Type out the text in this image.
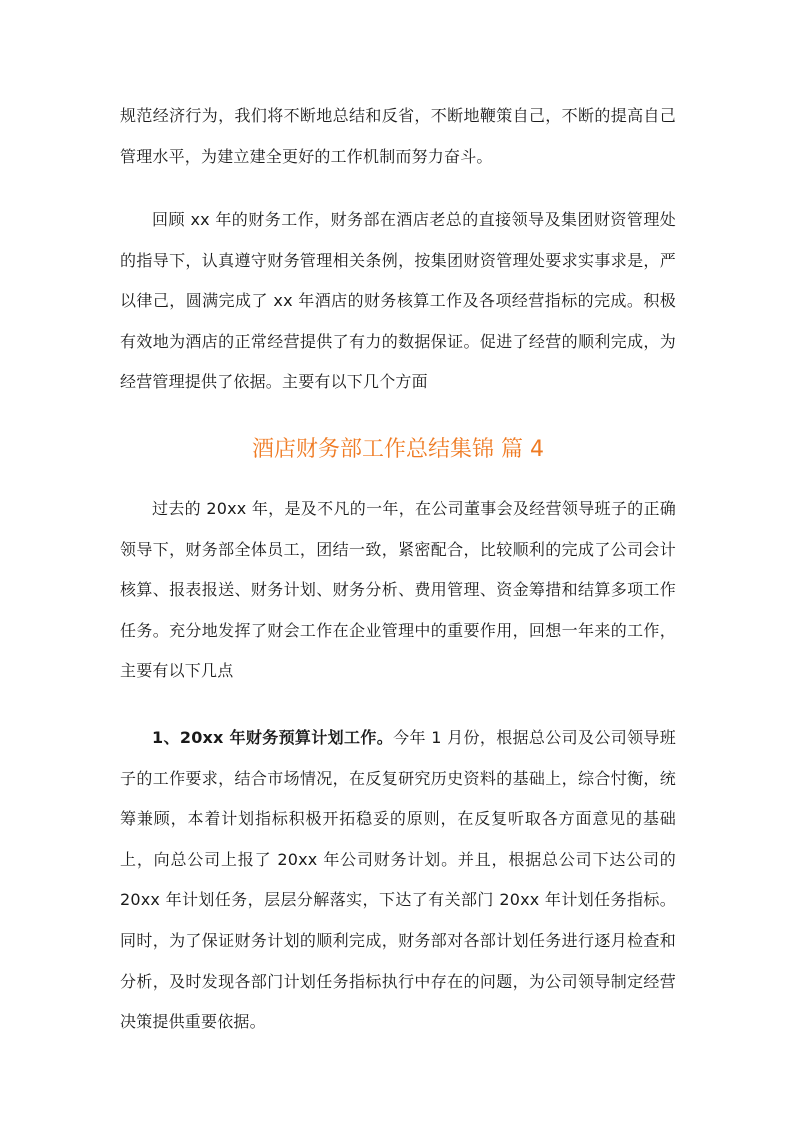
规范经济行为，我们将不断地总结和反省，不断地鞭策自己，不断的提高自己管理水平，为建立建全更好的工作机制而努力奋斗。

回顾 xx 年的财务工作，财务部在酒店老总的直接领导及集团财资管理处的指导下，认真遵守财务管理相关条例，按集团财资管理处要求实事求是，严以律己，圆满完成了 xx 年酒店的财务核算工作及各项经营指标的完成。积极有效地为酒店的正常经营提供了有力的数据保证。促进了经营的顺利完成，为经营管理提供了依据。主要有以下几个方面

酒店财务部工作总结集锦 篇 4

过去的 20xx 年，是及不凡的一年，在公司董事会及经营领导班子的正确领导下，财务部全体员工，团结一致，紧密配合，比较顺利的完成了公司会计核算、报表报送、财务计划、财务分析、费用管理、资金筹措和结算多项工作任务。充分地发挥了财会工作在企业管理中的重要作用，回想一年来的工作，主要有以下几点

1、20xx 年财务预算计划工作。今年 1 月份，根据总公司及公司领导班子的工作要求，结合市场情况，在反复研究历史资料的基础上，综合忖衡，统筹兼顾，本着计划指标积极开拓稳妥的原则，在反复听取各方面意见的基础上，向总公司上报了 20xx 年公司财务计划。并且，根据总公司下达公司的 20xx 年计划任务，层层分解落实，下达了有关部门 20xx 年计划任务指标。同时，为了保证财务计划的顺利完成，财务部对各部计划任务进行逐月检查和分析，及时发现各部门计划任务指标执行中存在的问题，为公司领导制定经营决策提供重要依据。
